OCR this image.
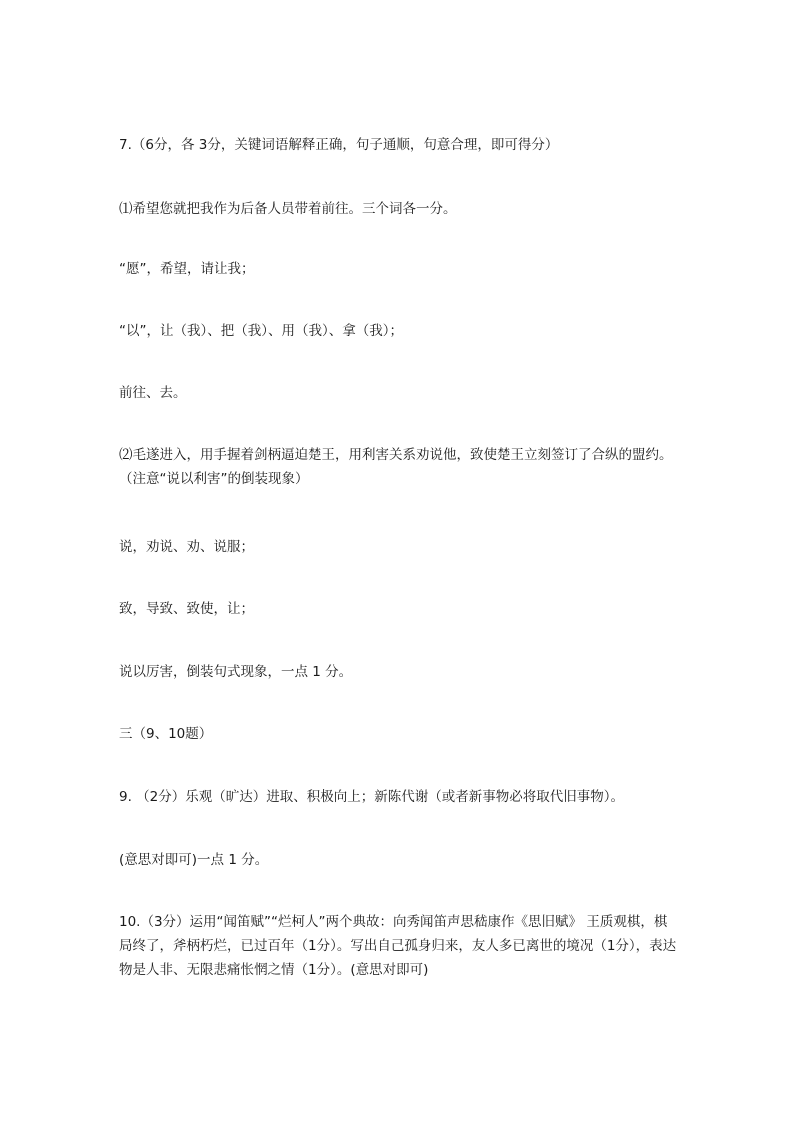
7.（6分，各 3分，关键词语解释正确，句子通顺，句意合理，即可得分）
⑴希望您就把我作为后备人员带着前往。三个词各一分。
“愿”，希望，请让我；
“以”，让（我）、把（我）、用（我）、拿（我）；
前往、去。
⑵毛遂进入，用手握着剑柄逼迫楚王，用利害关系劝说他，致使楚王立刻签订了合纵的盟约。（注意“说以利害”的倒装现象）
说，劝说、劝、说服；
致，导致、致使，让；
说以厉害，倒装句式现象，一点 1 分。
三（9、10题）
9. （2分）乐观（旷达）进取、积极向上；新陈代谢（或者新事物必将取代旧事物）。
(意思对即可)一点 1 分。
10.（3分）运用“闻笛赋”“烂柯人”两个典故：向秀闻笛声思嵇康作《思旧赋》 王质观棋，棋局终了，斧柄朽烂，已过百年（1分）。写出自己孤身归来，友人多已离世的境况（1分），表达物是人非、无限悲痛怅惘之情（1分）。(意思对即可)
